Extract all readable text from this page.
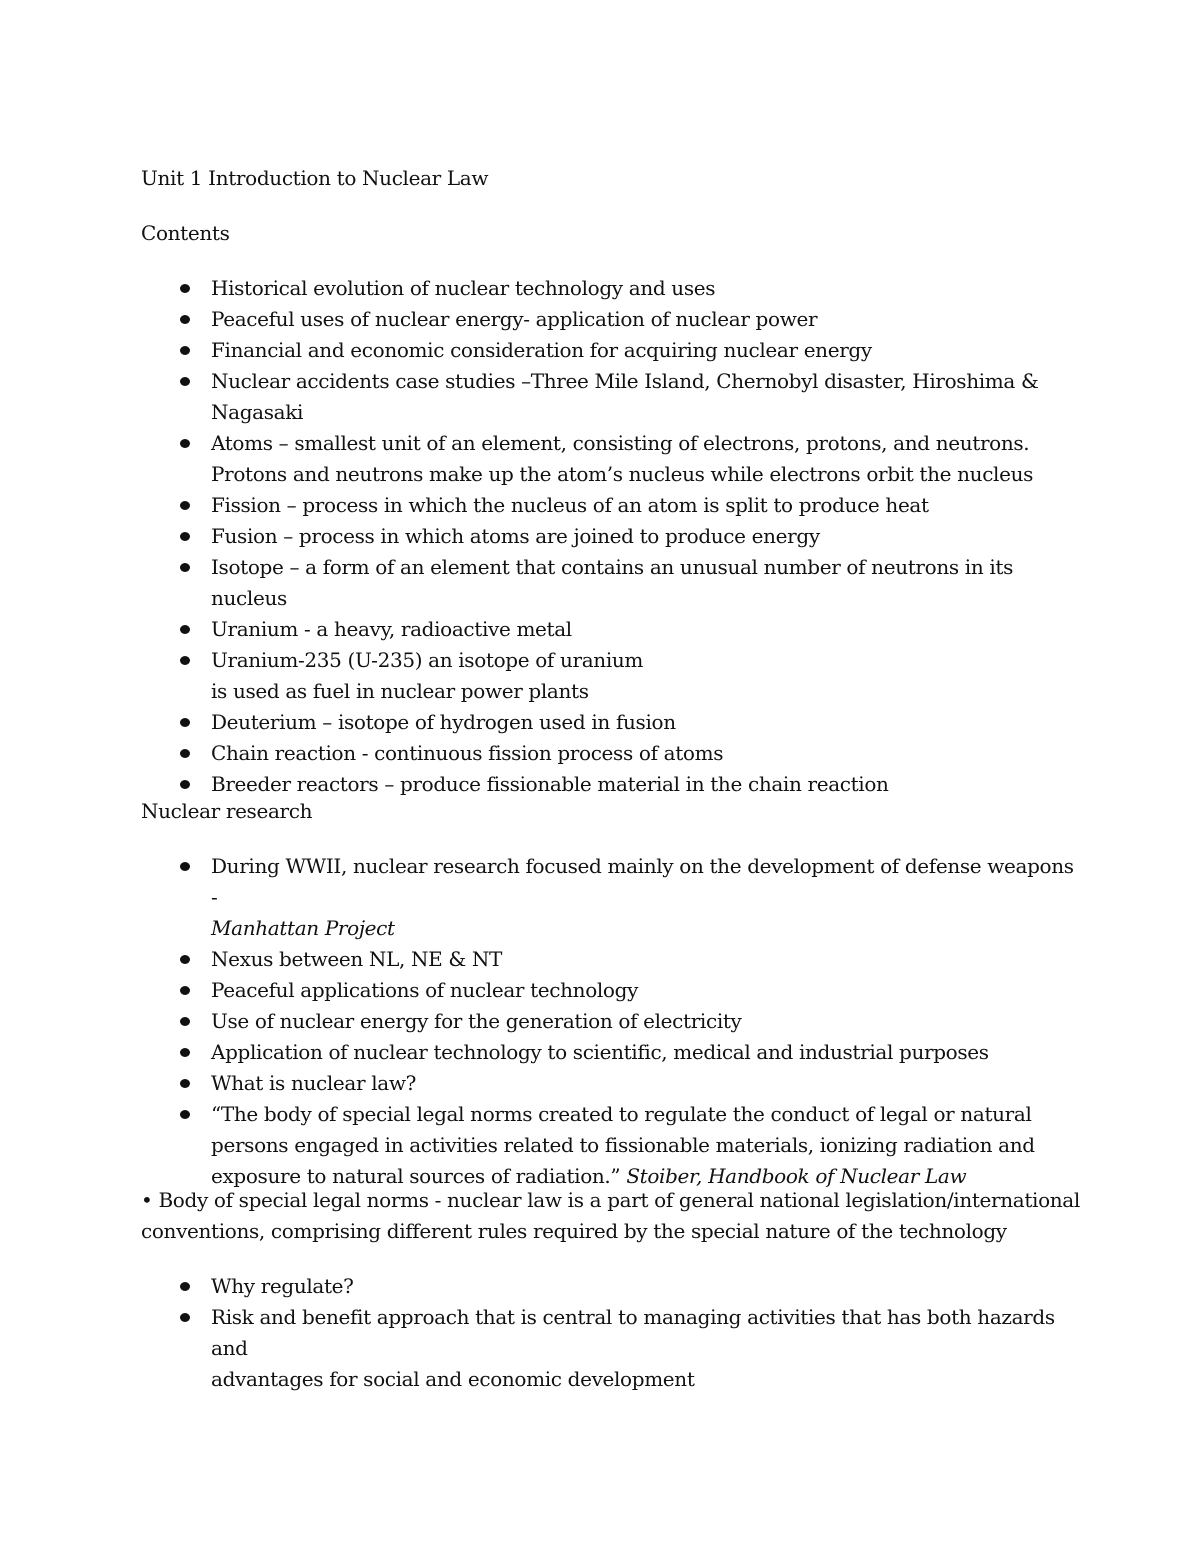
Unit 1 Introduction to Nuclear Law

Contents

Historical evolution of nuclear technology and uses
Peaceful uses of nuclear energy- application of nuclear power
Financial and economic consideration for acquiring nuclear energy
Nuclear accidents case studies –Three Mile Island, Chernobyl disaster, Hiroshima &
Nagasaki
Atoms – smallest unit of an element, consisting of electrons, protons, and neutrons.
Protons and neutrons make up the atom’s nucleus while electrons orbit the nucleus
Fission – process in which the nucleus of an atom is split to produce heat
Fusion – process in which atoms are joined to produce energy
Isotope – a form of an element that contains an unusual number of neutrons in its nucleus
Uranium - a heavy, radioactive metal
Uranium-235 (U-235) an isotope of uranium
is used as fuel in nuclear power plants
Deuterium – isotope of hydrogen used in fusion
Chain reaction - continuous fission process of atoms
Breeder reactors – produce fissionable material in the chain reaction

Nuclear research

During WWII, nuclear research focused mainly on the development of defense weapons -
Manhattan Project
Nexus between NL, NE & NT
Peaceful applications of nuclear technology
Use of nuclear energy for the generation of electricity
Application of nuclear technology to scientific, medical and industrial purposes
What is nuclear law?
“The body of special legal norms created to regulate the conduct of legal or natural
persons engaged in activities related to fissionable materials, ionizing radiation and
exposure to natural sources of radiation.” Stoiber, Handbook of Nuclear Law

• Body of special legal norms - nuclear law is a part of general national legislation/international
conventions, comprising different rules required by the special nature of the technology

Why regulate?
Risk and benefit approach that is central to managing activities that has both hazards and
advantages for social and economic development
